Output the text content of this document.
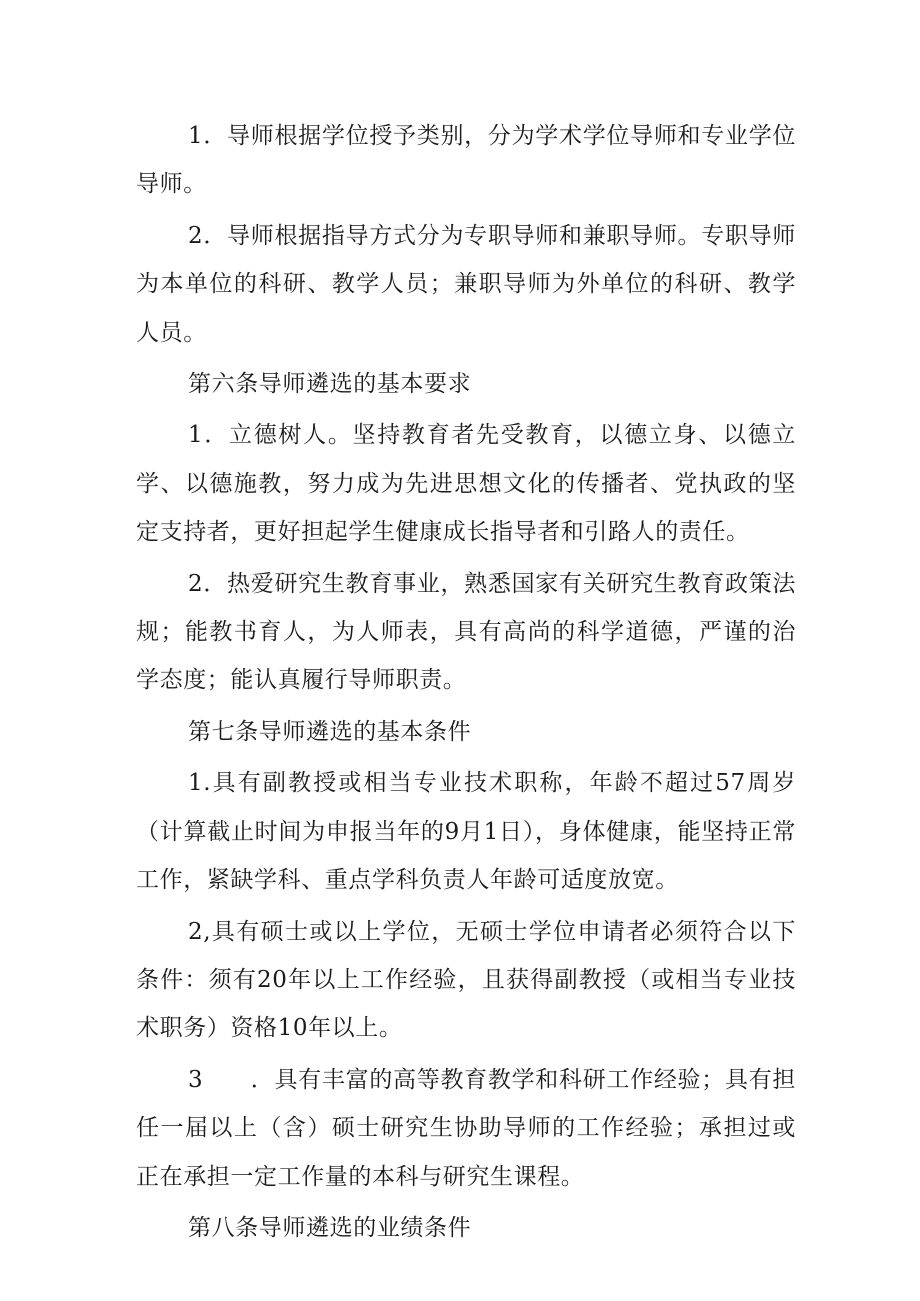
1．导师根据学位授予类别，分为学术学位导师和专业学位导师。

2．导师根据指导方式分为专职导师和兼职导师。专职导师为本单位的科研、教学人员；兼职导师为外单位的科研、教学人员。

第六条导师遴选的基本要求

1．立德树人。坚持教育者先受教育，以德立身、以德立学、以德施教，努力成为先进思想文化的传播者、党执政的坚定支持者，更好担起学生健康成长指导者和引路人的责任。

2．热爱研究生教育事业，熟悉国家有关研究生教育政策法规；能教书育人，为人师表，具有高尚的科学道德，严谨的治学态度；能认真履行导师职责。

第七条导师遴选的基本条件

1.具有副教授或相当专业技术职称，年龄不超过57周岁（计算截止时间为申报当年的9月1日），身体健康，能坚持正常工作，紧缺学科、重点学科负责人年龄可适度放宽。

2,具有硕士或以上学位，无硕士学位申请者必须符合以下条件：须有20年以上工作经验，且获得副教授（或相当专业技术职务）资格10年以上。

3　　．具有丰富的高等教育教学和科研工作经验；具有担任一届以上（含）硕士研究生协助导师的工作经验；承担过或正在承担一定工作量的本科与研究生课程。

第八条导师遴选的业绩条件
